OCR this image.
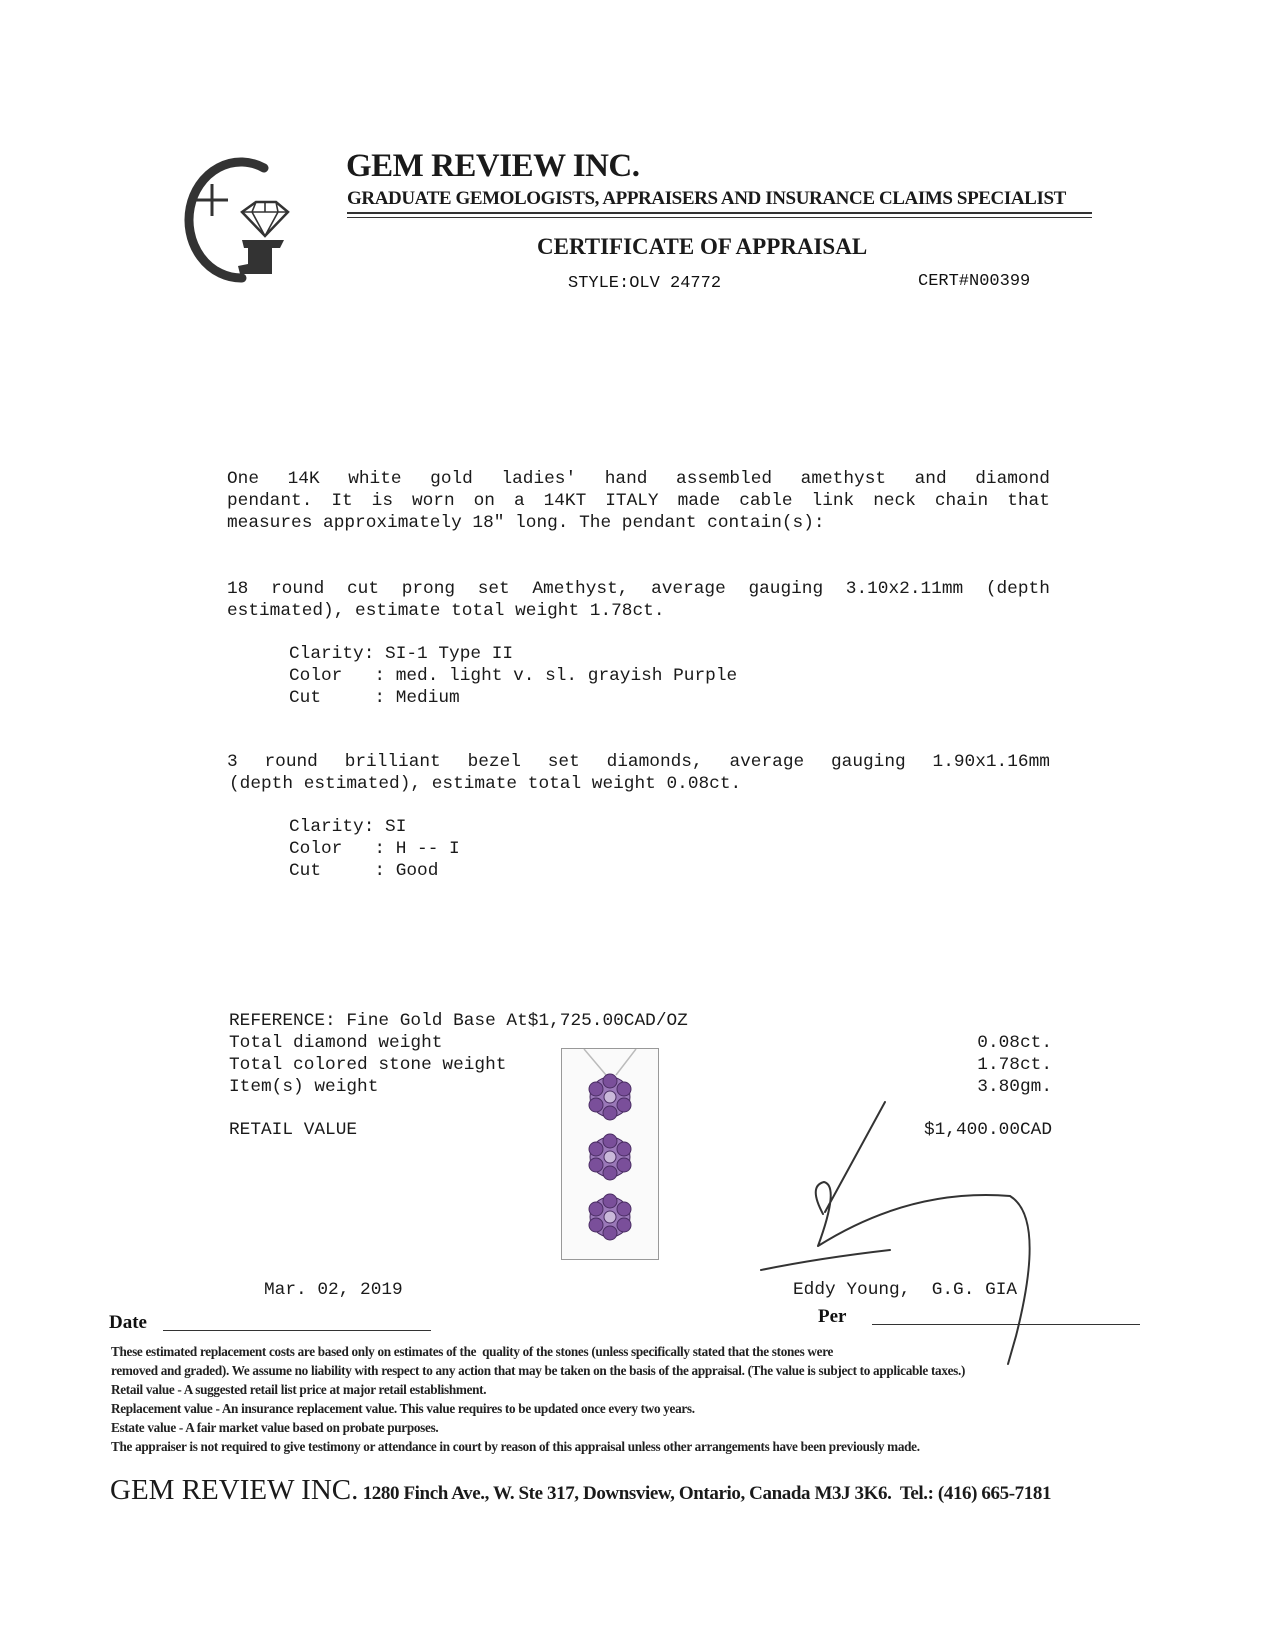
GEM REVIEW INC.
GRADUATE GEMOLOGISTS, APPRAISERS AND INSURANCE CLAIMS SPECIALIST
CERTIFICATE OF APPRAISAL
STYLE:OLV 24772	CERT#N00399
One 14K white gold ladies' hand assembled amethyst and diamond
pendant. It is worn on a 14KT ITALY made cable link neck chain that
measures approximately 18" long. The pendant contain(s):
18 round cut prong set Amethyst, average gauging 3.10x2.11mm (depth
estimated), estimate total weight 1.78ct.
Clarity: SI-1 Type II
Color   : med. light v. sl. grayish Purple
Cut     : Medium
3 round brilliant bezel set diamonds, average gauging 1.90x1.16mm
(depth estimated), estimate total weight 0.08ct.
Clarity: SI
Color   : H -- I
Cut     : Good
REFERENCE: Fine Gold Base At$1,725.00CAD/OZ
Total diamond weight	0.08ct.
Total colored stone weight	1.78ct.
Item(s) weight	3.80gm.
RETAIL VALUE	$1,400.00CAD
Mar. 02, 2019	Eddy Young,  G.G. GIA
Date	Per
These estimated replacement costs are based only on estimates of the  quality of the stones (unless specifically stated that the stones were
removed and graded). We assume no liability with respect to any action that may be taken on the basis of the appraisal. (The value is subject to applicable taxes.)
Retail value - A suggested retail list price at major retail establishment.
Replacement value - An insurance replacement value. This value requires to be updated once every two years.
Estate value - A fair market value based on probate purposes.
The appraiser is not required to give testimony or attendance in court by reason of this appraisal unless other arrangements have been previously made.
GEM REVIEW INC. 1280 Finch Ave., W. Ste 317, Downsview, Ontario, Canada M3J 3K6.  Tel.: (416) 665-7181
